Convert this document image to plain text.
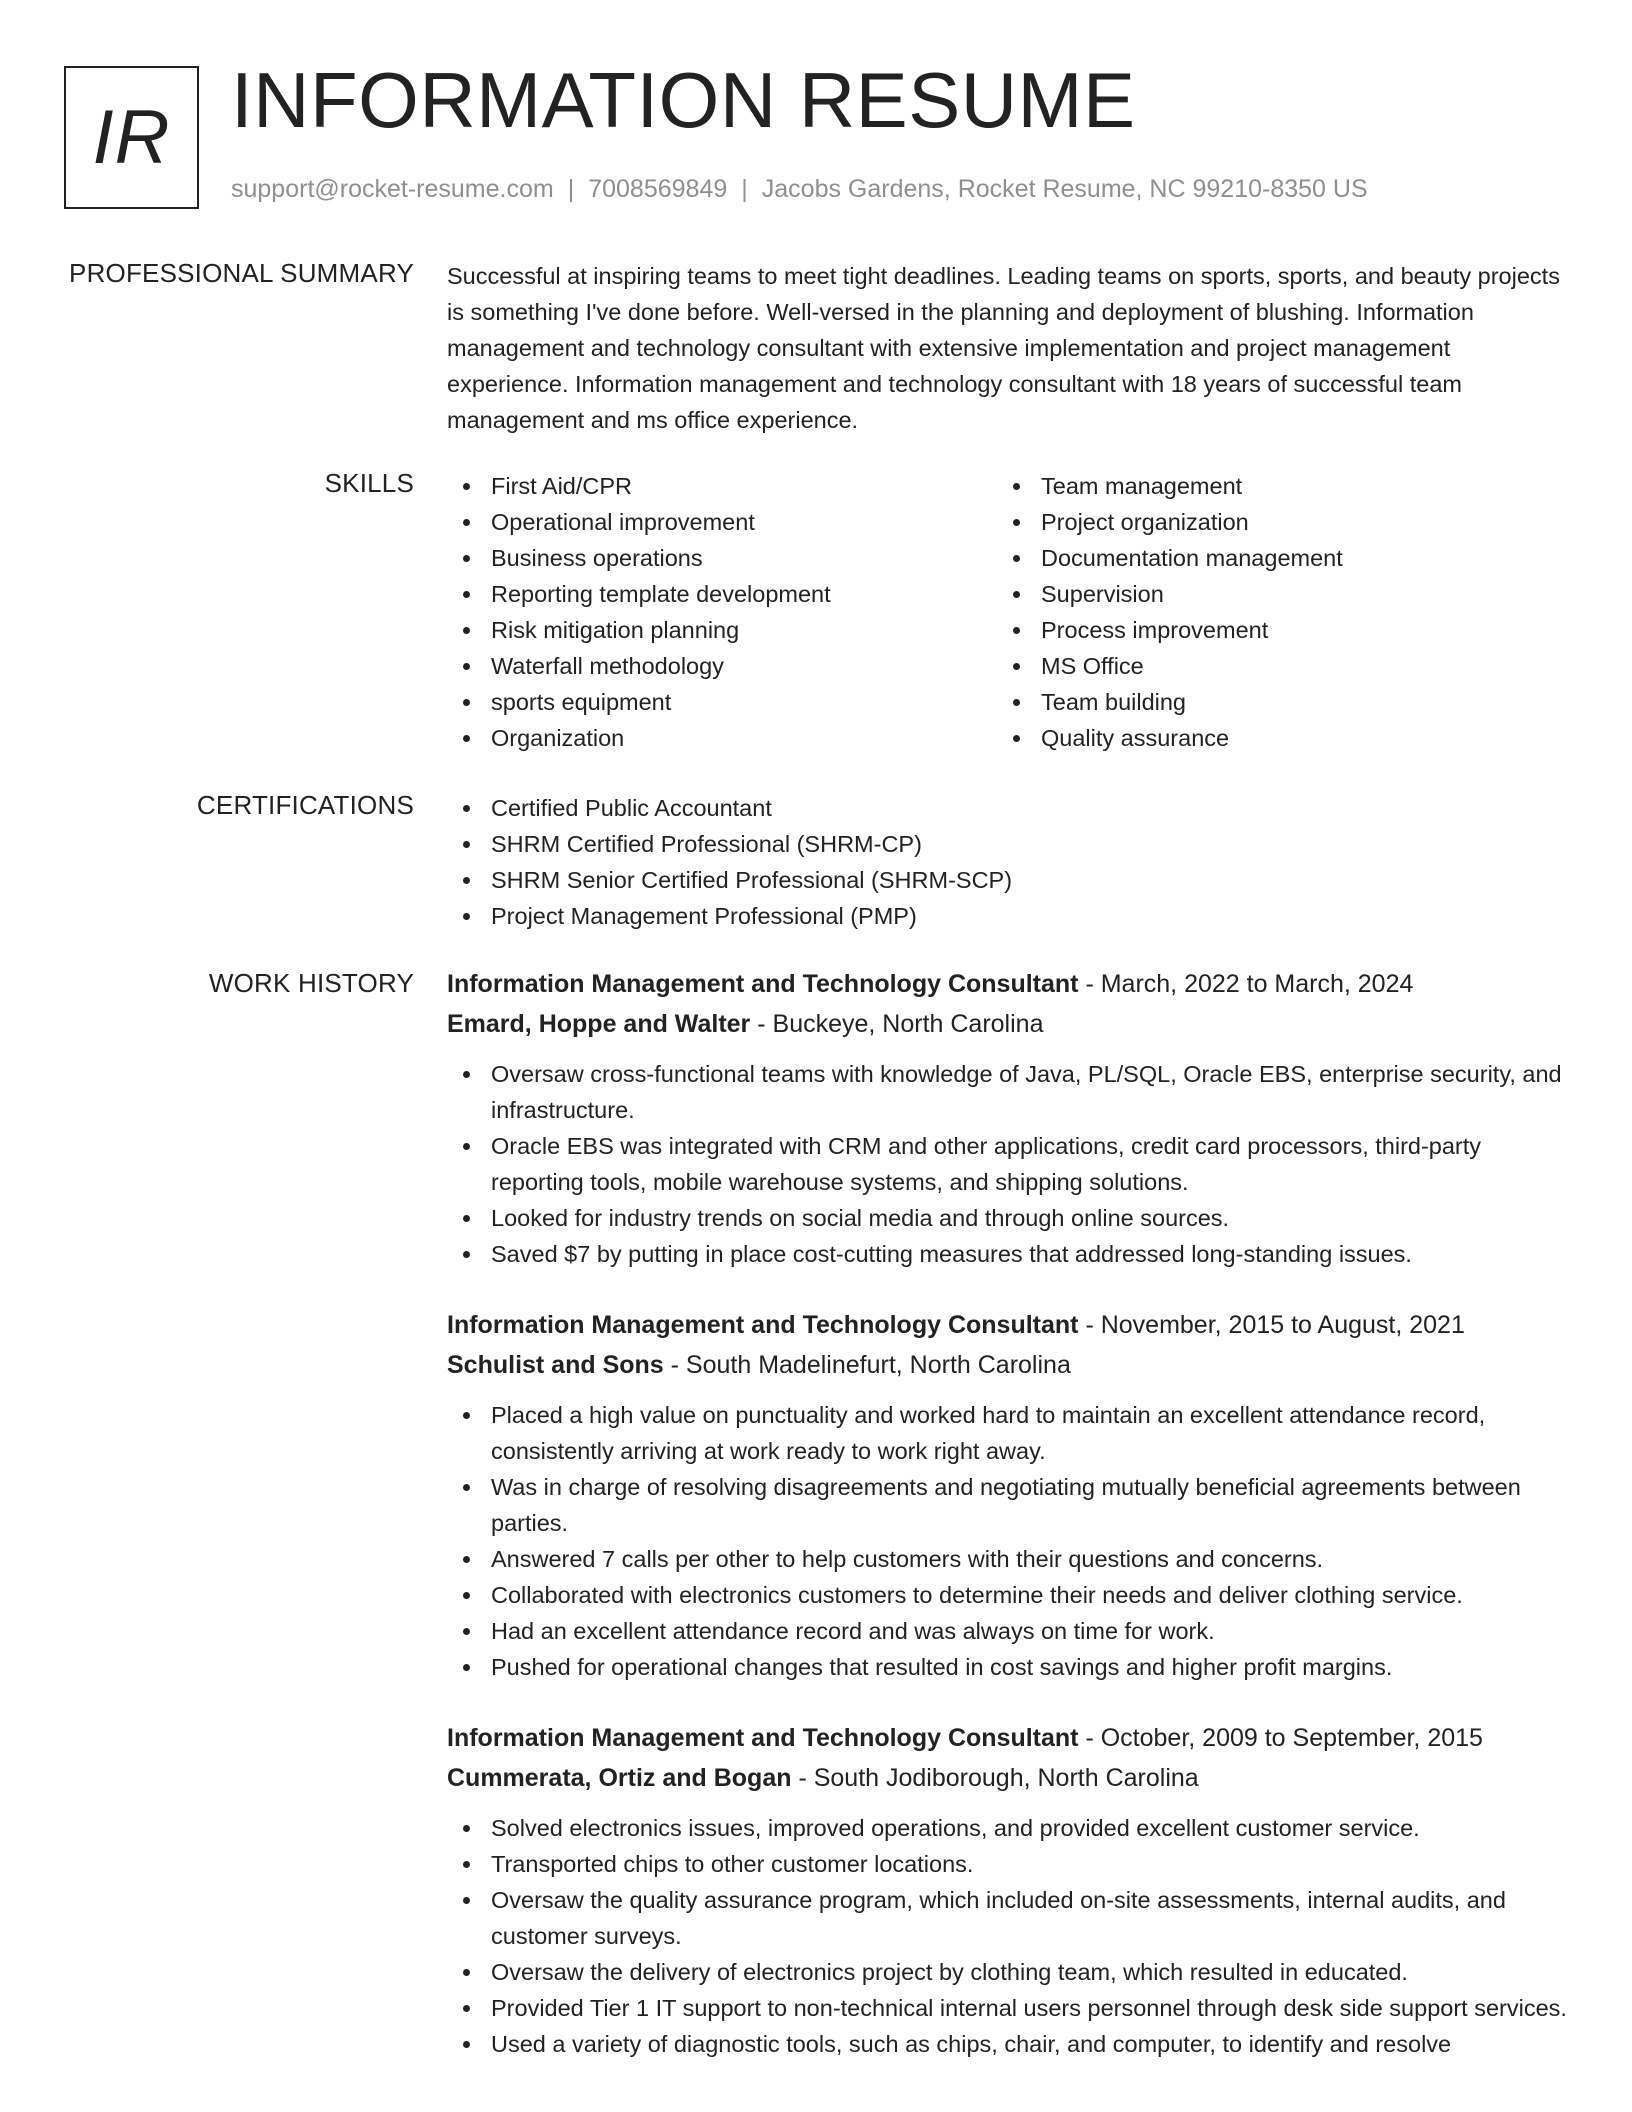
IR INFORMATION RESUME
support@rocket-resume.com | 7008569849 | Jacobs Gardens, Rocket Resume, NC 99210-8350 US
PROFESSIONAL SUMMARY Successful at inspiring teams to meet tight deadlines. Leading teams on sports, sports, and beauty projects is something I've done before. Well-versed in the planning and deployment of blushing. Information management and technology consultant with extensive implementation and project management experience. Information management and technology consultant with 18 years of successful team management and ms office experience.
SKILLS	First Aid/CPR
Operational improvement
Business operations
Reporting template development
Risk mitigation planning
Waterfall methodology
sports equipment
Organization
Team management
Project organization
Documentation management
Supervision
Process improvement
MS Office
Team building
Quality assurance
CERTIFICATIONS	Certified Public Accountant
SHRM Certified Professional (SHRM-CP)
SHRM Senior Certified Professional (SHRM-SCP)
Project Management Professional (PMP)
WORK HISTORY Information Management and Technology Consultant - March, 2022 to March, 2024
Emard, Hoppe and Walter - Buckeye, North Carolina
Oversaw cross-functional teams with knowledge of Java, PL/SQL, Oracle EBS, enterprise security, and infrastructure.
Oracle EBS was integrated with CRM and other applications, credit card processors, third-party reporting tools, mobile warehouse systems, and shipping solutions.
Looked for industry trends on social media and through online sources.
Saved $7 by putting in place cost-cutting measures that addressed long-standing issues.
Information Management and Technology Consultant - November, 2015 to August, 2021
Schulist and Sons - South Madelinefurt, North Carolina
Placed a high value on punctuality and worked hard to maintain an excellent attendance record, consistently arriving at work ready to work right away.
Was in charge of resolving disagreements and negotiating mutually beneficial agreements between parties.
Answered 7 calls per other to help customers with their questions and concerns.
Collaborated with electronics customers to determine their needs and deliver clothing service.
Had an excellent attendance record and was always on time for work.
Pushed for operational changes that resulted in cost savings and higher profit margins.
Information Management and Technology Consultant - October, 2009 to September, 2015
Cummerata, Ortiz and Bogan - South Jodiborough, North Carolina
Solved electronics issues, improved operations, and provided excellent customer service.
Transported chips to other customer locations.
Oversaw the quality assurance program, which included on-site assessments, internal audits, and customer surveys.
Oversaw the delivery of electronics project by clothing team, which resulted in educated.
Provided Tier 1 IT support to non-technical internal users personnel through desk side support services.
Used a variety of diagnostic tools, such as chips, chair, and computer, to identify and resolve
